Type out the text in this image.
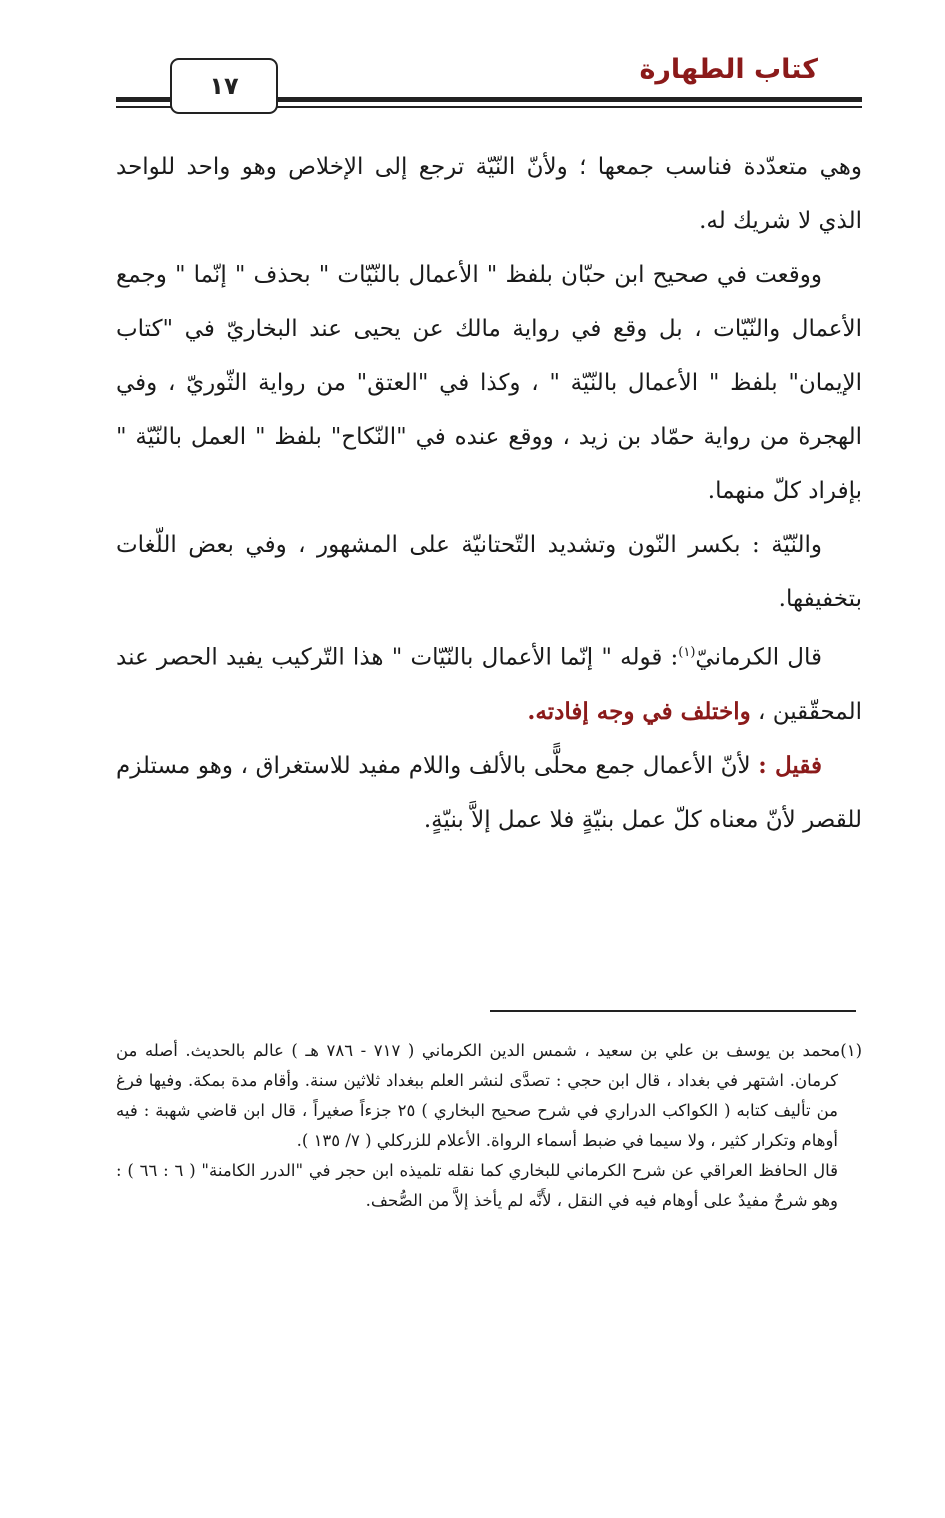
١٧
كتاب الطهارة

وهي متعدّدة فناسب جمعها ؛ ولأنّ النّيّة ترجع إلى الإخلاص وهو واحد للواحد الذي لا شريك له.

ووقعت في صحيح ابن حبّان بلفظ " الأعمال بالنّيّات " بحذف " إنّما " وجمع الأعمال والنّيّات ، بل وقع في رواية مالك عن يحيى عند البخاريّ في "كتاب الإيمان" بلفظ " الأعمال بالنّيّة " ، وكذا في "العتق" من رواية الثّوريّ ، وفي الهجرة من رواية حمّاد بن زيد ، ووقع عنده في "النّكاح" بلفظ " العمل بالنّيّة " بإفراد كلّ منهما.

والنّيّة : بكسر النّون وتشديد التّحتانيّة على المشهور ، وفي بعض اللّغات بتخفيفها.

قال الكرمانيّ$^{(١)}$: قوله " إنّما الأعمال بالنّيّات " هذا التّركيب يفيد الحصر عند المحقّقين ، واختلف في وجه إفادته.

فقيل : لأنّ الأعمال جمع محلًّى بالألف واللام مفيد للاستغراق ، وهو مستلزم للقصر لأنّ معناه كلّ عمل بنيّةٍ فلا عمل إلاَّ بنيّةٍ.

(١)محمد بن يوسف بن علي بن سعيد ، شمس الدين الكرماني ( ٧١٧ - ٧٨٦ هـ ) عالم بالحديث. أصله من كرمان. اشتهر في بغداد ، قال ابن حجي : تصدَّى لنشر العلم ببغداد ثلاثين سنة. وأقام مدة بمكة. وفيها فرغ من تأليف كتابه ( الكواكب الدراري في شرح صحيح البخاري ) ٢٥ جزءاً صغيراً ، قال ابن قاضي شهبة : فيه أوهام وتكرار كثير ، ولا سيما في ضبط أسماء الرواة. الأعلام للزركلي ( ٧/ ١٣٥ ).

قال الحافظ العراقي عن شرح الكرماني للبخاري كما نقله تلميذه ابن حجر في "الدرر الكامنة" ( ٦ : ٦٦ ) : وهو شرحٌ مفيدٌ على أوهام فيه في النقل ، لأَنَّه لم يأخذ إلاَّ من الصُّحف.
